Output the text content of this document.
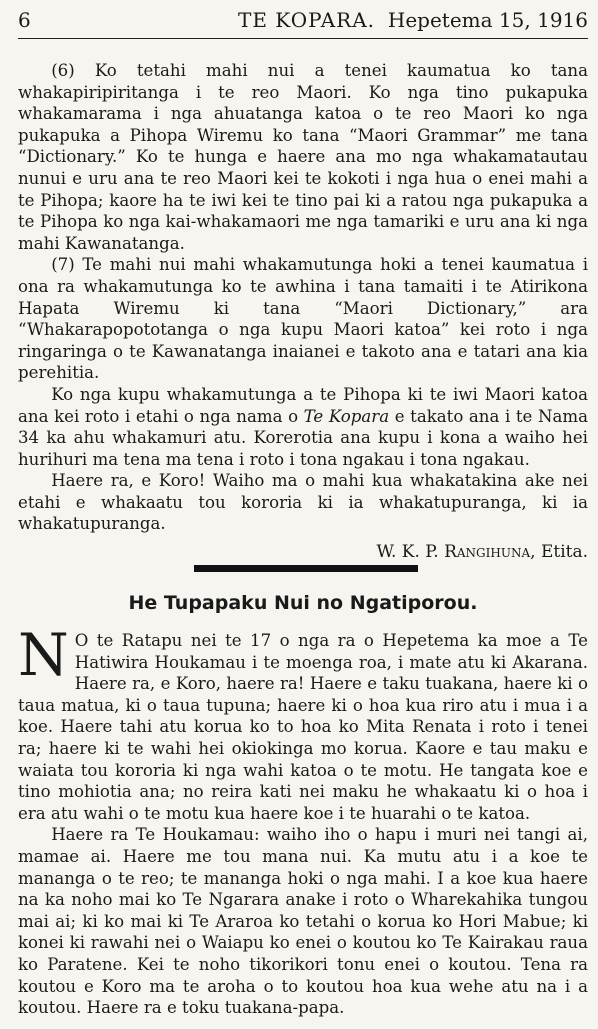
6	TE KOPARA. Hepetema 15, 1916

(6) Ko tetahi mahi nui a tenei kaumatua ko tana whakapiripiritanga i te reo Maori. Ko nga tino pukapuka whakamarama i nga ahuatanga katoa o te reo Maori ko nga pukapuka a Pihopa Wiremu ko tana “Maori Grammar” me tana “Dictionary.” Ko te hunga e haere ana mo nga whakamatautau nunui e uru ana te reo Maori kei te kokoti i nga hua o enei mahi a te Pihopa; kaore ha te iwi kei te tino pai ki a ratou nga pukapuka a te Pihopa ko nga kai-whakamaori me nga tamariki e uru ana ki nga mahi Kawanatanga.

(7) Te mahi nui mahi whakamutunga hoki a tenei kaumatua i ona ra whakamutunga ko te awhina i tana tamaiti i te Atirikona Hapata Wiremu ki tana “Maori Dictionary,” ara “Whakarapopototanga o nga kupu Maori katoa” kei roto i nga ringaringa o te Kawanatanga inaianei e takoto ana e tatari ana kia perehitia.

Ko nga kupu whakamutunga a te Pihopa ki te iwi Maori katoa ana kei roto i etahi o nga nama o Te Kopara e takato ana i te Nama 34 ka ahu whakamuri atu. Korerotia ana kupu i kona a waiho hei hurihuri ma tena ma tena i roto i tona ngakau i tona ngakau.

Haere ra, e Koro! Waiho ma o mahi kua whakatakina ake nei etahi e whakaatu tou kororia ki ia whakatupuranga, ki ia whakatupuranga.

W. K. P. Rangihuna, Etita.
He Tupapaku Nui no Ngatiporou.

N O te Ratapu nei te 17 o nga ra o Hepetema ka moe a Te Hatiwira Houkamau i te moenga roa, i mate atu ki Akarana. Haere ra, e Koro, haere ra! Haere e taku tuakana, haere ki o taua matua, ki o taua tupuna; haere ki o hoa kua riro atu i mua i a koe. Haere tahi atu korua ko to hoa ko Mita Renata i roto i tenei ra; haere ki te wahi hei okiokinga mo korua. Kaore e tau maku e waiata tou kororia ki nga wahi katoa o te motu. He tangata koe e tino mohiotia ana; no reira kati nei maku he whakaatu ki o hoa i era atu wahi o te motu kua haere koe i te huarahi o te katoa.

Haere ra Te Houkamau: waiho iho o hapu i muri nei tangi ai, mamae ai. Haere me tou mana nui. Ka mutu atu i a koe te mananga o te reo; te mananga hoki o nga mahi. I a koe kua haere na ka noho mai ko Te Ngarara anake i roto o Wharekahika tungou mai ai; ki ko mai ki Te Araroa ko tetahi o korua ko Hori Mabue; ki konei ki rawahi nei o Waiapu ko enei o koutou ko Te Kairakau raua ko Paratene. Kei te noho tikorikori tonu enei o koutou. Tena ra koutou e Koro ma te aroha o to koutou hoa kua wehe atu na i a koutou. Haere ra e toku tuakana-papa.
